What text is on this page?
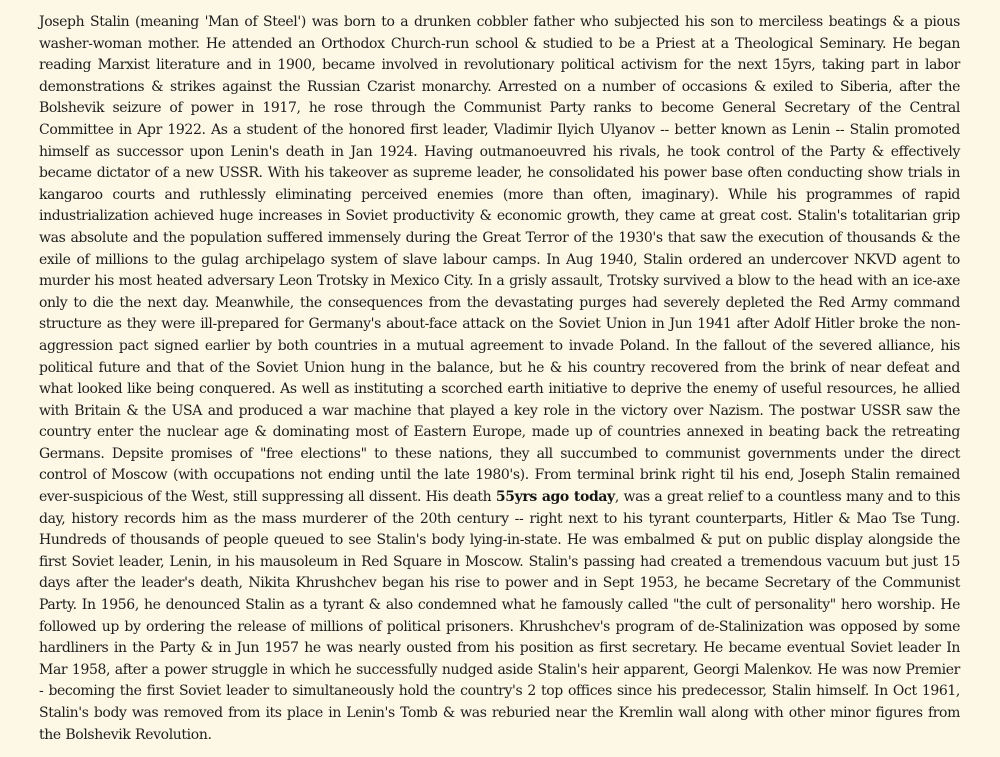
Joseph Stalin (meaning 'Man of Steel') was born to a drunken cobbler father who subjected his son to merciless beatings & a pious washer-woman mother. He attended an Orthodox Church-run school & studied to be a Priest at a Theological Seminary. He began reading Marxist literature and in 1900, became involved in revolutionary political activism for the next 15yrs, taking part in labor demonstrations & strikes against the Russian Czarist monarchy. Arrested on a number of occasions & exiled to Siberia, after the Bolshevik seizure of power in 1917, he rose through the Communist Party ranks to become General Secretary of the Central Committee in Apr 1922. As a student of the honored first leader, Vladimir Ilyich Ulyanov -- better known as Lenin -- Stalin promoted himself as successor upon Lenin's death in Jan 1924. Having outmanoeuvred his rivals, he took control of the Party & effectively became dictator of a new USSR. With his takeover as supreme leader, he consolidated his power base often conducting show trials in kangaroo courts and ruthlessly eliminating perceived enemies (more than often, imaginary). While his programmes of rapid industrialization achieved huge increases in Soviet productivity & economic growth, they came at great cost. Stalin's totalitarian grip was absolute and the population suffered immensely during the Great Terror of the 1930's that saw the execution of thousands & the exile of millions to the gulag archipelago system of slave labour camps. In Aug 1940, Stalin ordered an undercover NKVD agent to murder his most heated adversary Leon Trotsky in Mexico City. In a grisly assault, Trotsky survived a blow to the head with an ice-axe only to die the next day. Meanwhile, the consequences from the devastating purges had severely depleted the Red Army command structure as they were ill-prepared for Germany's about-face attack on the Soviet Union in Jun 1941 after Adolf Hitler broke the non-aggression pact signed earlier by both countries in a mutual agreement to invade Poland. In the fallout of the severed alliance, his political future and that of the Soviet Union hung in the balance, but he & his country recovered from the brink of near defeat and what looked like being conquered. As well as instituting a scorched earth initiative to deprive the enemy of useful resources, he allied with Britain & the USA and produced a war machine that played a key role in the victory over Nazism. The postwar USSR saw the country enter the nuclear age & dominating most of Eastern Europe, made up of countries annexed in beating back the retreating Germans. Depsite promises of "free elections" to these nations, they all succumbed to communist governments under the direct control of Moscow (with occupations not ending until the late 1980's). From terminal brink right til his end, Joseph Stalin remained ever-suspicious of the West, still suppressing all dissent. His death 55yrs ago today, was a great relief to a countless many and to this day, history records him as the mass murderer of the 20th century -- right next to his tyrant counterparts, Hitler & Mao Tse Tung. Hundreds of thousands of people queued to see Stalin's body lying-in-state. He was embalmed & put on public display alongside the first Soviet leader, Lenin, in his mausoleum in Red Square in Moscow. Stalin's passing had created a tremendous vacuum but just 15 days after the leader's death, Nikita Khrushchev began his rise to power and in Sept 1953, he became Secretary of the Communist Party. In 1956, he denounced Stalin as a tyrant & also condemned what he famously called "the cult of personality" hero worship. He followed up by ordering the release of millions of political prisoners. Khrushchev's program of de-Stalinization was opposed by some hardliners in the Party & in Jun 1957 he was nearly ousted from his position as first secretary. He became eventual Soviet leader In Mar 1958, after a power struggle in which he successfully nudged aside Stalin's heir apparent, Georgi Malenkov. He was now Premier - becoming the first Soviet leader to simultaneously hold the country's 2 top offices since his predecessor, Stalin himself. In Oct 1961, Stalin's body was removed from its place in Lenin's Tomb & was reburied near the Kremlin wall along with other minor figures from the Bolshevik Revolution.
